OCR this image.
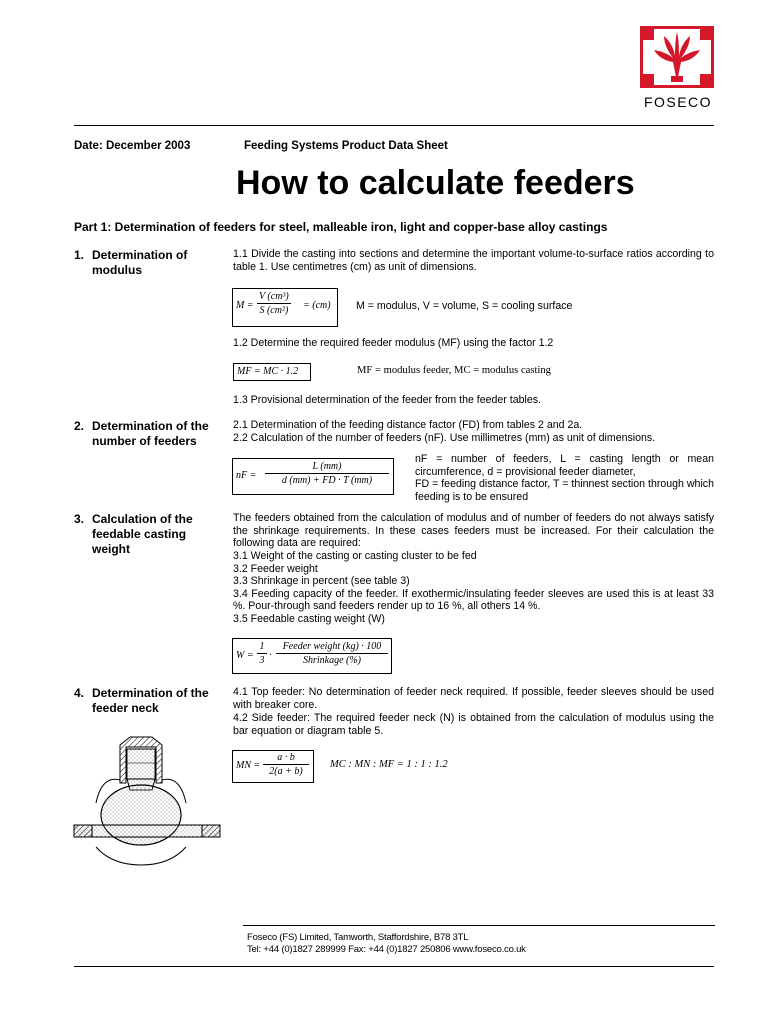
FOSECO
Date: December 2003	Feeding Systems Product Data Sheet
How to calculate feeders
Part 1: Determination of feeders for steel, malleable iron, light and copper-base alloy castings
1. Determination of
modulus
1.1 Divide the casting into sections and determine the important volume-to-surface ratios according to table 1. Use centimetres (cm) as unit of dimensions.
$M = \frac{\text{V (cm³)}}{\text{S (cm²)}} = (cm) M$ = modulus, V = volume, S = cooling surface
1.2 Determine the required feeder modulus (MF) using the factor 1.2
MF = MC · 1.2	MF = modulus feeder, MC = modulus casting
1.3 Provisional determination of the feeder from the feeder tables.
2. Determination of the
number of feeders
2.1 Determination of the feeding distance factor (FD) from tables 2 and 2a.
2.2 Calculation of the number of feeders (nF). Use millimetres (mm) as unit of dimensions.
nF = $\frac{L (mm)}{d (mm) + FD \cdot T (mm)}$
nF = number of feeders, L = casting length or mean circumference, d = provisional feeder diameter,
FD = feeding distance factor, T = thinnest section through which feeding is to be ensured
3. Calculation of the
feedable casting
weight
The feeders obtained from the calculation of modulus and of number of feeders do not always satisfy the shrinkage requirements. In these cases feeders must be increased. For their calculation the following data are required:
3.1 Weight of the casting or casting cluster to be fed
3.2 Feeder weight
3.3 Shrinkage in percent (see table 3)
3.4 Feeding capacity of the feeder. If exothermic/insulating feeder sleeves are used this is at least 33 %. Pour-through sand feeders render up to 16 %, all others 14 %.
3.5 Feedable casting weight (W)
$W = \frac{1}{3}$ ·
Feeder weight (kg) · 100
Shrinkage (%)
4. Determination of the
feeder neck
4.1 Top feeder: No determination of feeder neck required. If possible, feeder sleeves should be used with breaker core.
4.2 Side feeder: The required feeder neck (N) is obtained from the calculation of modulus using the bar equation or diagram table 5.
MN = $\frac{a \cdot b}{2(a + b)}$ MC : MN : MF = 1 : 1 : 1.2
Foseco (FS) Limited, Tamworth, Staffordshire, B78 3TL
Tel: +44 (0)1827 289999 Fax: +44 (0)1827 250806 www.foseco.co.uk
